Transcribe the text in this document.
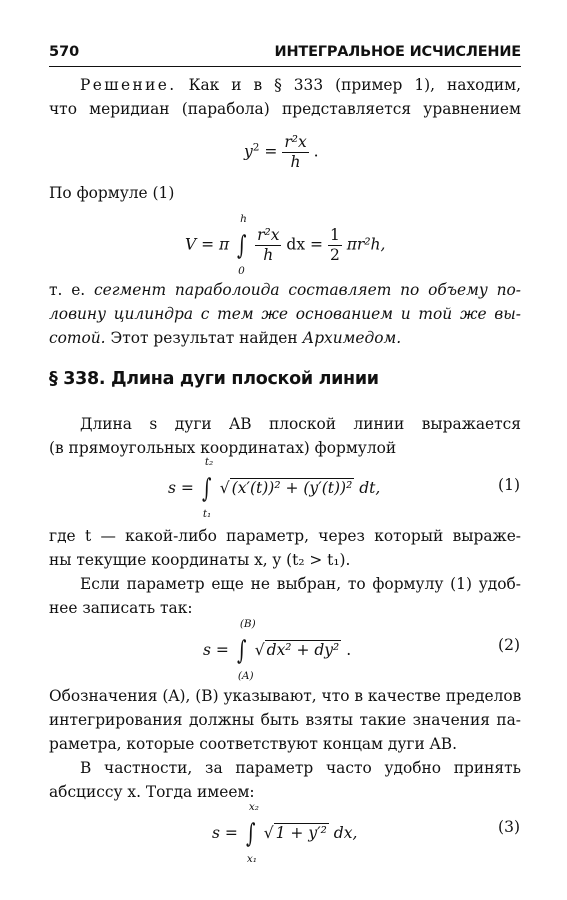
570	ИНТЕГРАЛЬНОЕ ИСЧИСЛЕНИЕ
Решение. Как и в § 333 (пример 1), находим,
что меридиан (парабола) представляется уравнением
$y^2 = \frac{\text{r²x}}{h}$ .
По формуле (1)
V = π ∫
h
0

$\frac{\text{r²x}}{h}$ dx = $\frac{1}{2} \pi r^2h$,
т. е. сегмент параболоида составляет по объему по-
ловину цилиндра с тем же основанием и той же вы-
сотой. Этот результат найден Архимедом.
§ 338. Длина дуги плоской линии
Длина s дуги AB плоской линии выражается
(в прямоугольных координатах) формулой
s = ∫
t₂
t₁
√ (x′(t))² + (y′(t))² dt,	(1)
где t — какой-либо параметр, через который выраже-
ны текущие координаты x, y (t₂ > t₁).
Если параметр еще не выбран, то формулу (1) удоб-
нее записать так:
s = ∫
(B)
(A)
√ dx² + dy² .	(2)
Обозначения (A), (B) указывают, что в качестве пределов
интегрирования должны быть взяты такие значения па-
раметра, которые соответствуют концам дуги AB.
В частности, за параметр часто удобно принять
абсциссу x. Тогда имеем:
s = ∫
x₂
x₁
√ 1 + y′² dx,	(3)
